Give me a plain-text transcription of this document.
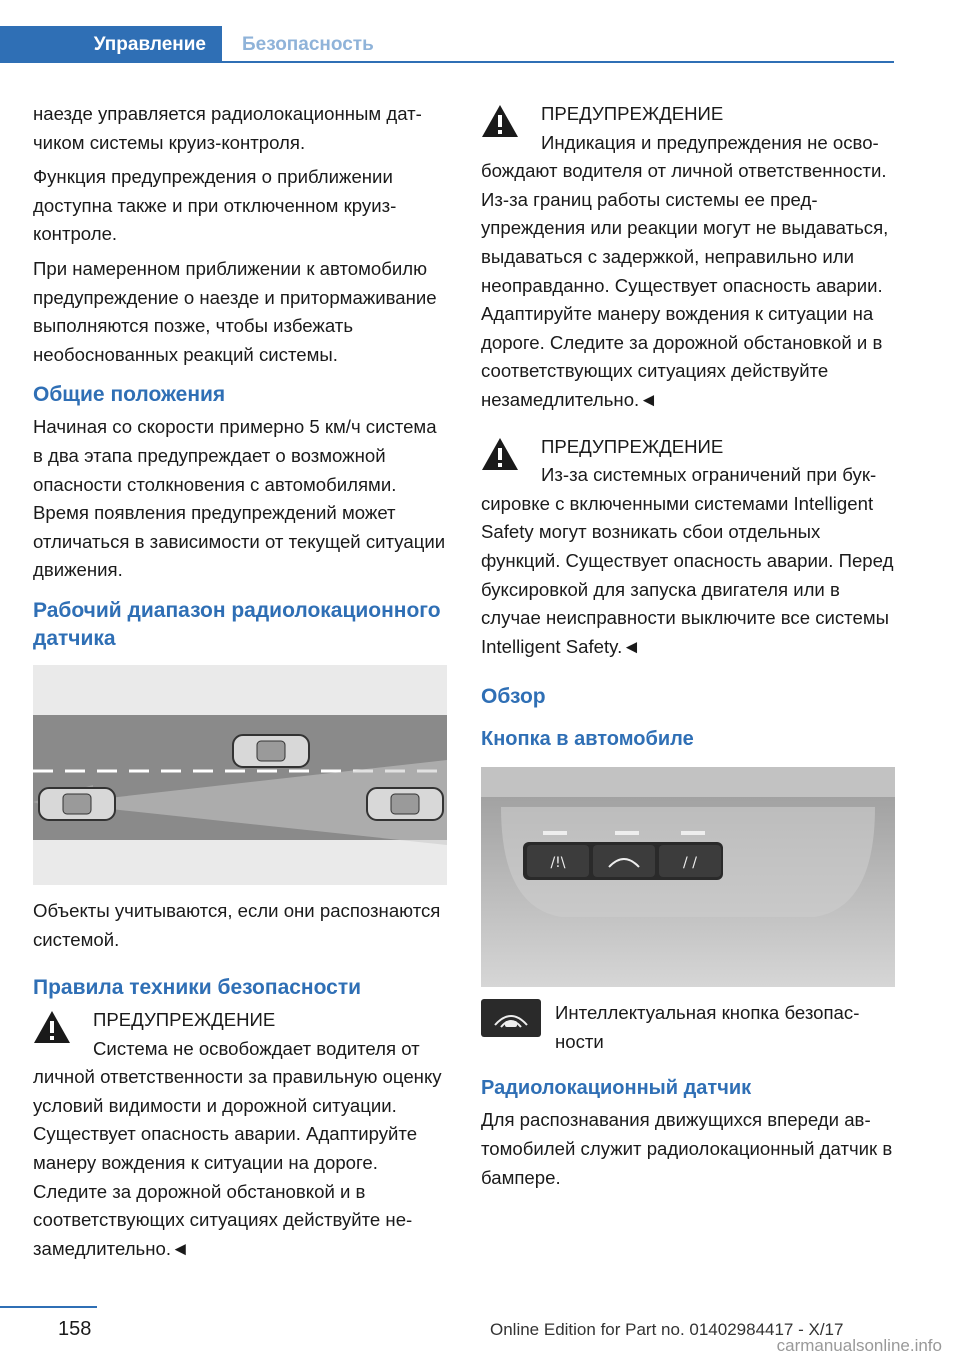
Управление Безопасность

наезде управляется радиолокационным датчиком системы круиз-контроля.

Функция предупреждения о приближении доступна также и при отключенном круиз-контроле.

При намеренном приближении к автомобилю предупреждение о наезде и притормаживание выполняются позже, чтобы избежать необоснованных реакций системы.

Общие положения

Начиная со скорости примерно 5 км/ч система в два этапа предупреждает о возможной опасности столкновения с автомобилями. Время появления предупреждений может отличаться в зависимости от текущей ситуации движения.

Рабочий диапазон радиолокационного датчика

Объекты учитываются, если они распознаются системой.

Правила техники безопасности
ПРЕДУПРЕЖДЕНИЕ
Система не освобождает водителя от личной ответственности за правильную оценку условий видимости и дорожной ситуации. Существует опасность аварии. Адаптируйте манеру вождения к ситуации на дороге. Следите за дорожной обстановкой и в соответствующих ситуациях действуйте незамедлительно.◄
ПРЕДУПРЕЖДЕНИЕ
Индикация и предупреждения не освобождают водителя от личной ответственности. Из-за границ работы системы ее предупреждения или реакции могут не выдаваться, выдаваться с задержкой, неправильно или неоправданно. Существует опасность аварии. Адаптируйте манеру вождения к ситуации на дороге. Следите за дорожной обстановкой и в соответствующих ситуациях действуйте незамедлительно.◄
ПРЕДУПРЕЖДЕНИЕ
Из-за системных ограничений при буксировке с включенными системами Intelligent Safety могут возникать сбои отдельных функций. Существует опасность аварии. Перед буксировкой для запуска двигателя или в случае неисправности выключите все системы Intelligent Safety.◄
Обзор
Кнопка в автомобиле
/!\	/ /

Интеллектуальная кнопка безопасности

Радиолокационный датчик

Для распознавания движущихся впереди автомобилей служит радиолокационный датчик в бампере.

158	Online Edition for Part no. 01402984417 - X/17
carmanualsonline.info
